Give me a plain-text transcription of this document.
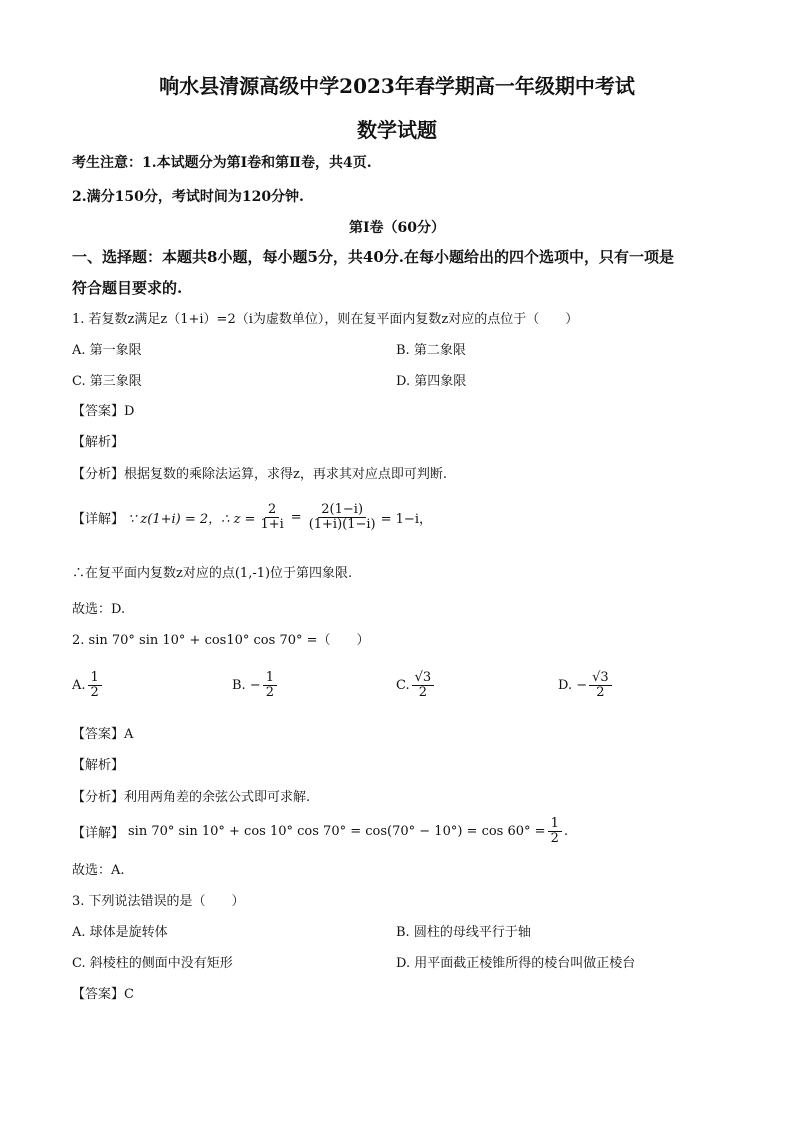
响水县清源高级中学2023年春学期高一年级期中考试
数学试题
考生注意：1.本试题分为第Ⅰ卷和第Ⅱ卷，共4页.
2.满分150分，考试时间为120分钟.
第Ⅰ卷（60分）
一、选择题：本题共8小题，每小题5分，共40分.在每小题给出的四个选项中，只有一项是
符合题目要求的.
1. 若复数z满足z（1+i）=2（i为虚数单位），则在复平面内复数z对应的点位于（　　）
A. 第一象限	B. 第二象限
C. 第三象限	D. 第四象限
【答案】D
【解析】
【分析】根据复数的乘除法运算，求得z，再求其对应点即可判断.
【详解】 ∵ z(1+i) = 2，∴ $z = \frac{2}{1+i} = \frac{2(1-i)}{(1+i)(1-i)} = 1-i$，
∴在复平面内复数z对应的点(1,-1)位于第四象限.
故选：D.
2. sin 70° sin 10° + cos10° cos 70° =（　　）
A. $\frac{1}{2}$	B. − $\frac{1}{2}$	C. $\frac{√3}{2}$	D. − $\frac{√3}{2}$
【答案】A
【解析】
【分析】利用两角差的余弦公式即可求解.
【详解】 sin 70° sin 10° + cos 10° $\cos 70^\circ = \cos(70^\circ - 10^\circ) = \cos 60^\circ = \frac{1}{2}$ .
故选：A.
3. 下列说法错误的是（　　）
A. 球体是旋转体	B. 圆柱的母线平行于轴
C. 斜棱柱的侧面中没有矩形	D. 用平面截正棱锥所得的棱台叫做正棱台
【答案】C
